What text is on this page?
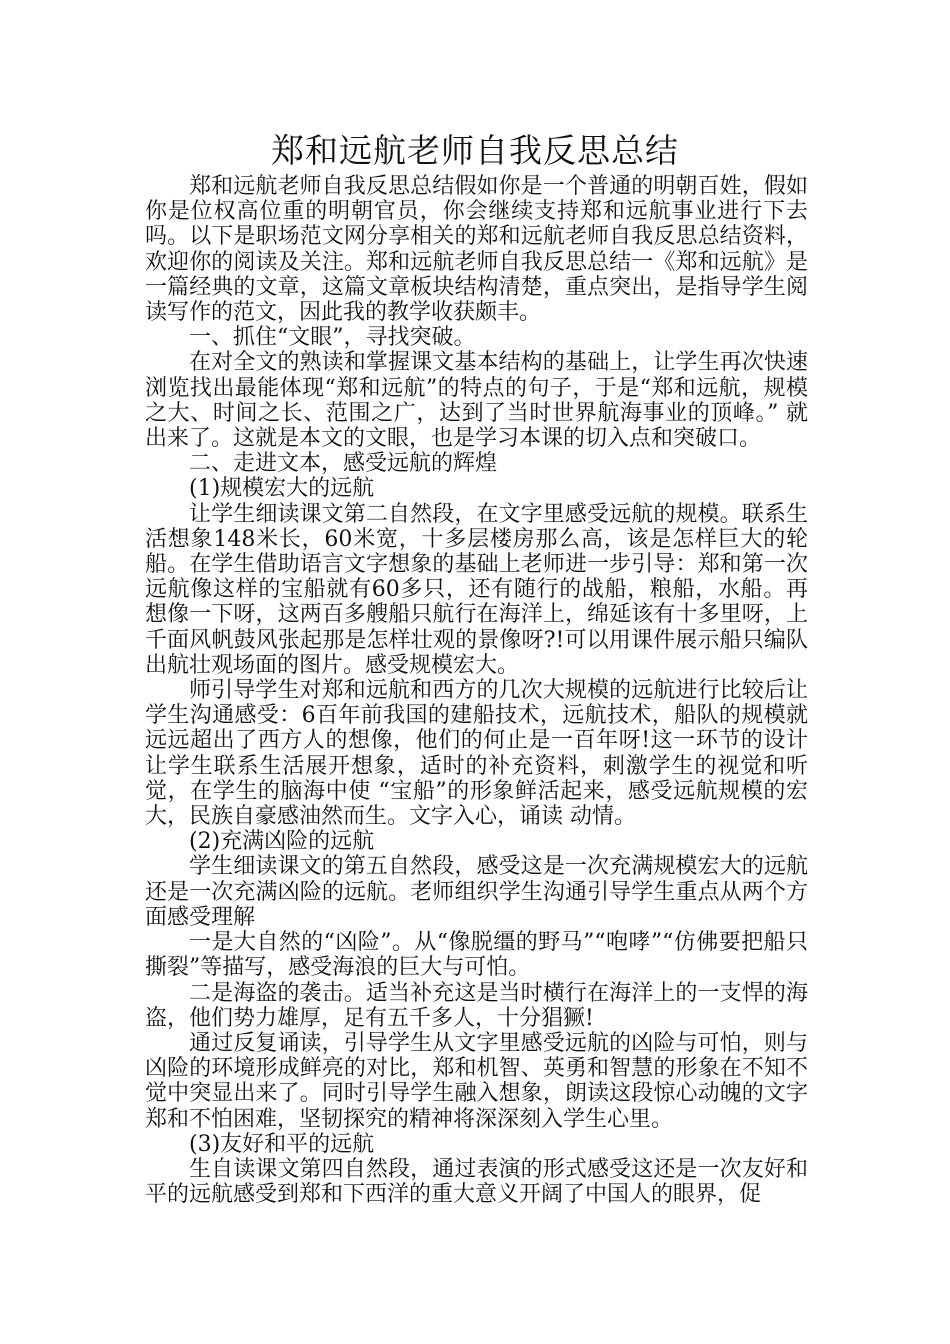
郑和远航老师自我反思总结

郑和远航老师自我反思总结假如你是一个普通的明朝百姓，假如你是位权高位重的明朝官员，你会继续支持郑和远航事业进行下去吗。以下是职场范文网分享相关的郑和远航老师自我反思总结资料，欢迎你的阅读及关注。郑和远航老师自我反思总结一《郑和远航》是一篇经典的文章，这篇文章板块结构清楚，重点突出，是指导学生阅读写作的范文，因此我的教学收获颇丰。

一、抓住“文眼”，寻找突破。

在对全文的熟读和掌握课文基本结构的基础上，让学生再次快速浏览找出最能体现“郑和远航”的特点的句子，于是“郑和远航，规模之大、时间之长、范围之广，达到了当时世界航海事业的顶峰。” 就出来了。这就是本文的文眼，也是学习本课的切入点和突破口。

二、走进文本，感受远航的辉煌

(1)规模宏大的远航

让学生细读课文第二自然段，在文字里感受远航的规模。联系生活想象148米长，60米宽，十多层楼房那么高，该是怎样巨大的轮船。在学生借助语言文字想象的基础上老师进一步引导：郑和第一次远航像这样的宝船就有60多只，还有随行的战船，粮船，水船。再想像一下呀，这两百多艘船只航行在海洋上，绵延该有十多里呀，上千面风帆鼓风张起那是怎样壮观的景像呀?!可以用课件展示船只编队出航壮观场面的图片。感受规模宏大。

师引导学生对郑和远航和西方的几次大规模的远航进行比较后让学生沟通感受：6百年前我国的建船技术，远航技术，船队的规模就远远超出了西方人的想像，他们的何止是一百年呀!这一环节的设计让学生联系生活展开想象，适时的补充资料，刺激学生的视觉和听觉，在学生的脑海中使 “宝船”的形象鲜活起来，感受远航规模的宏大，民族自豪感油然而生。文字入心，诵读 动情。

(2)充满凶险的远航

学生细读课文的第五自然段，感受这是一次充满规模宏大的远航还是一次充满凶险的远航。老师组织学生沟通引导学生重点从两个方面感受理解

一是大自然的“凶险”。从“像脱缰的野马”“咆哮”“仿佛要把船只撕裂”等描写，感受海浪的巨大与可怕。

二是海盗的袭击。适当补充这是当时横行在海洋上的一支悍的海盗，他们势力雄厚，足有五千多人，十分猖獗!

通过反复诵读，引导学生从文字里感受远航的凶险与可怕，则与凶险的环境形成鲜亮的对比，郑和机智、英勇和智慧的形象在不知不觉中突显出来了。同时引导学生融入想象，朗读这段惊心动魄的文字郑和不怕困难，坚韧探究的精神将深深刻入学生心里。

(3)友好和平的远航

生自读课文第四自然段，通过表演的形式感受这还是一次友好和平的远航感受到郑和下西洋的重大意义开阔了中国人的眼界，促
